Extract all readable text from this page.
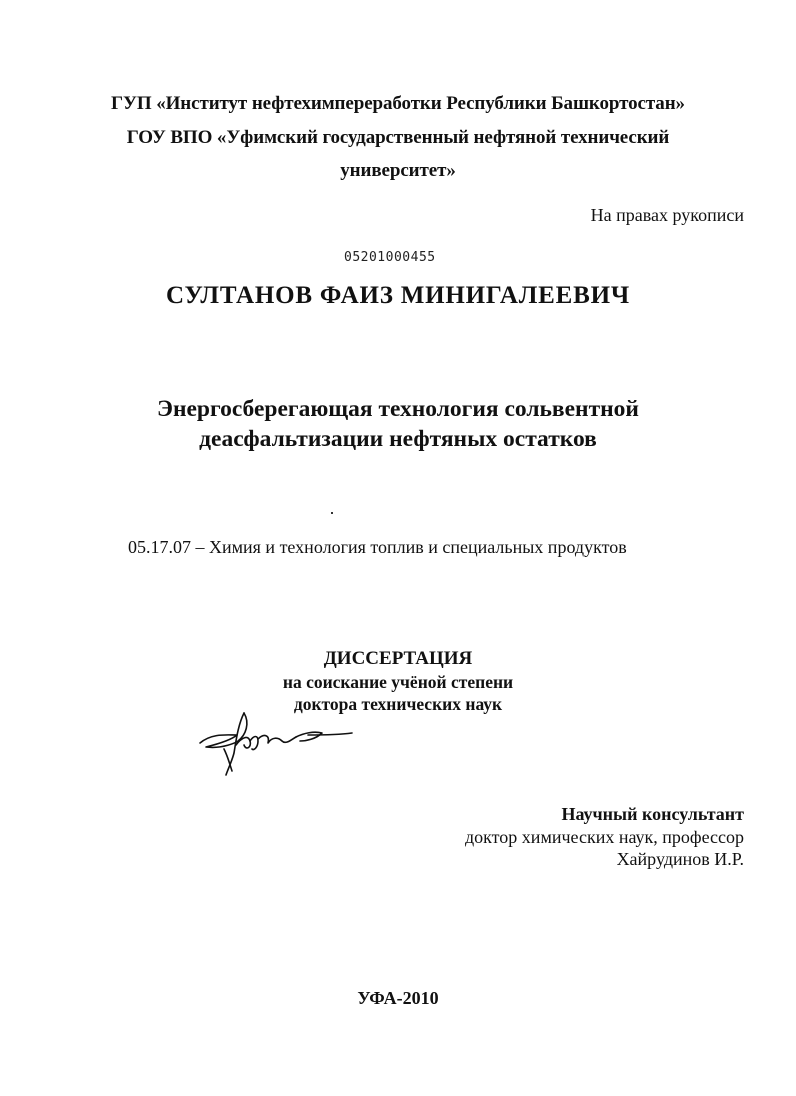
ГУП «Институт нефтехимпереработки Республики Башкортостан»
ГОУ ВПО «Уфимский государственный нефтяной технический
университет»
На правах рукописи
05201000455
СУЛТАНОВ ФАИЗ МИНИГАЛЕЕВИЧ
Энергосберегающая технология сольвентной
деасфальтизации нефтяных остатков
05.17.07 – Химия и технология топлив и специальных продуктов
ДИССЕРТАЦИЯ
на соискание учёной степени
доктора технических наук
Научный консультант
доктор химических наук, профессор
Хайрудинов И.Р.
УФА-2010
